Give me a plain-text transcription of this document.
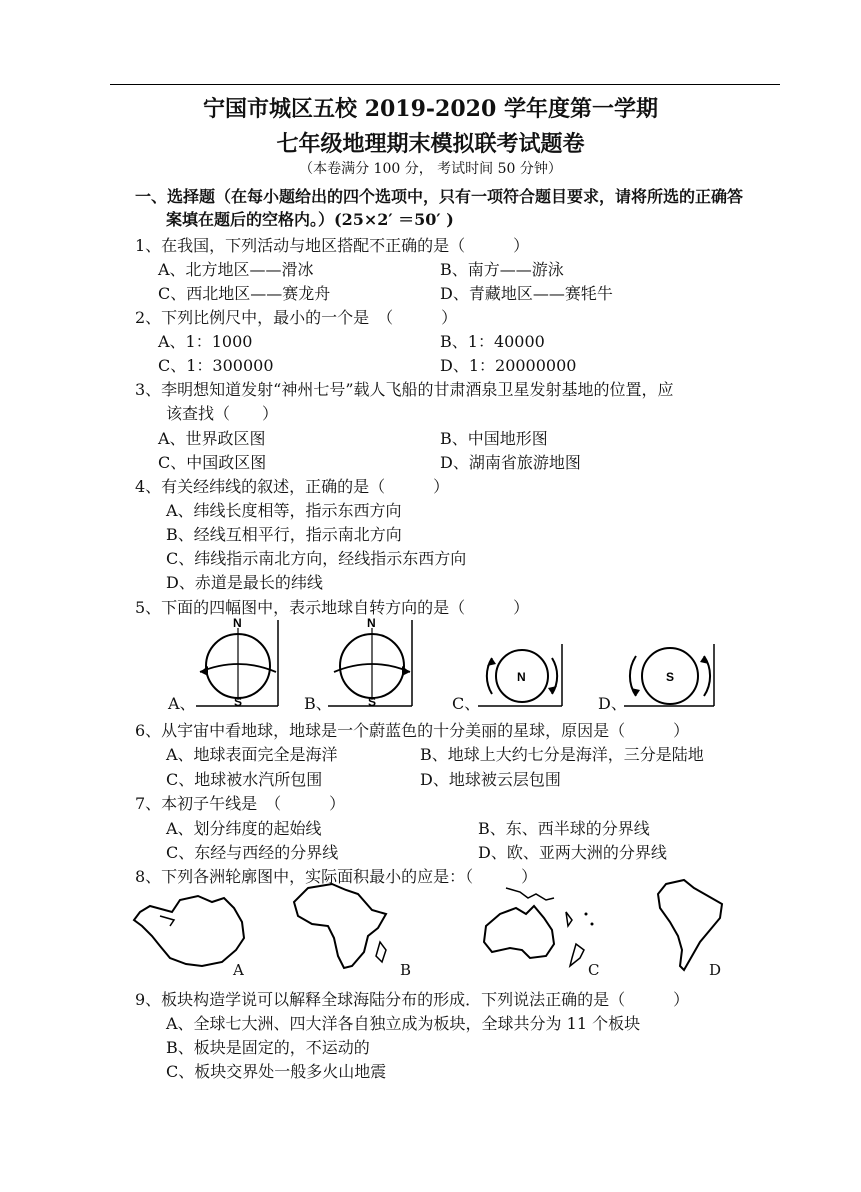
宁国市城区五校 2019-2020 学年度第一学期
七年级地理期末模拟联考试题卷
（本卷满分 100 分， 考试时间 50 分钟）
一、选择题（在每小题给出的四个选项中，只有一项符合题目要求，请将所选的正确答
案填在题后的空格内。）(25×2′ ＝50′ )
1、在我国，下列活动与地区搭配不正确的是（　　　）
A、北方地区——滑冰	B、南方——游泳
C、西北地区——赛龙舟	D、青藏地区——赛牦牛
2、下列比例尺中，最小的一个是　（　　　）
A、1：1000	B、1：40000
C、1：300000	D、1：20000000
3、李明想知道发射“神州七号”载人飞船的甘肃酒泉卫星发射基地的位置，应
该查找（　　）
A、世界政区图	B、中国地形图
C、中国政区图	D、湖南省旅游地图
4、有关经纬线的叙述，正确的是（　　　）
A、纬线长度相等，指示东西方向
B、经线互相平行，指示南北方向
C、纬线指示南北方向，经线指示东西方向
D、赤道是最长的纬线
5、下面的四幅图中，表示地球自转方向的是（　　　）
A、
N
S	B、
N
S	C、
N
D、
S
6、从宇宙中看地球，地球是一个蔚蓝色的十分美丽的星球，原因是（　　　）
A、地球表面完全是海洋	B、地球上大约七分是海洋，三分是陆地
C、地球被水汽所包围	D、地球被云层包围
7、本初子午线是　（　　　）
A、划分纬度的起始线	B、东、西半球的分界线
C、东经与西经的分界线	D、欧、亚两大洲的分界线
8、下列各洲轮廓图中，实际面积最小的应是：（　　　）
A	B	C	D
9、板块构造学说可以解释全球海陆分布的形成．下列说法正确的是（　　　）
A、全球七大洲、四大洋各自独立成为板块，全球共分为 11 个板块
B、板块是固定的，不运动的
C、板块交界处一般多火山地震
